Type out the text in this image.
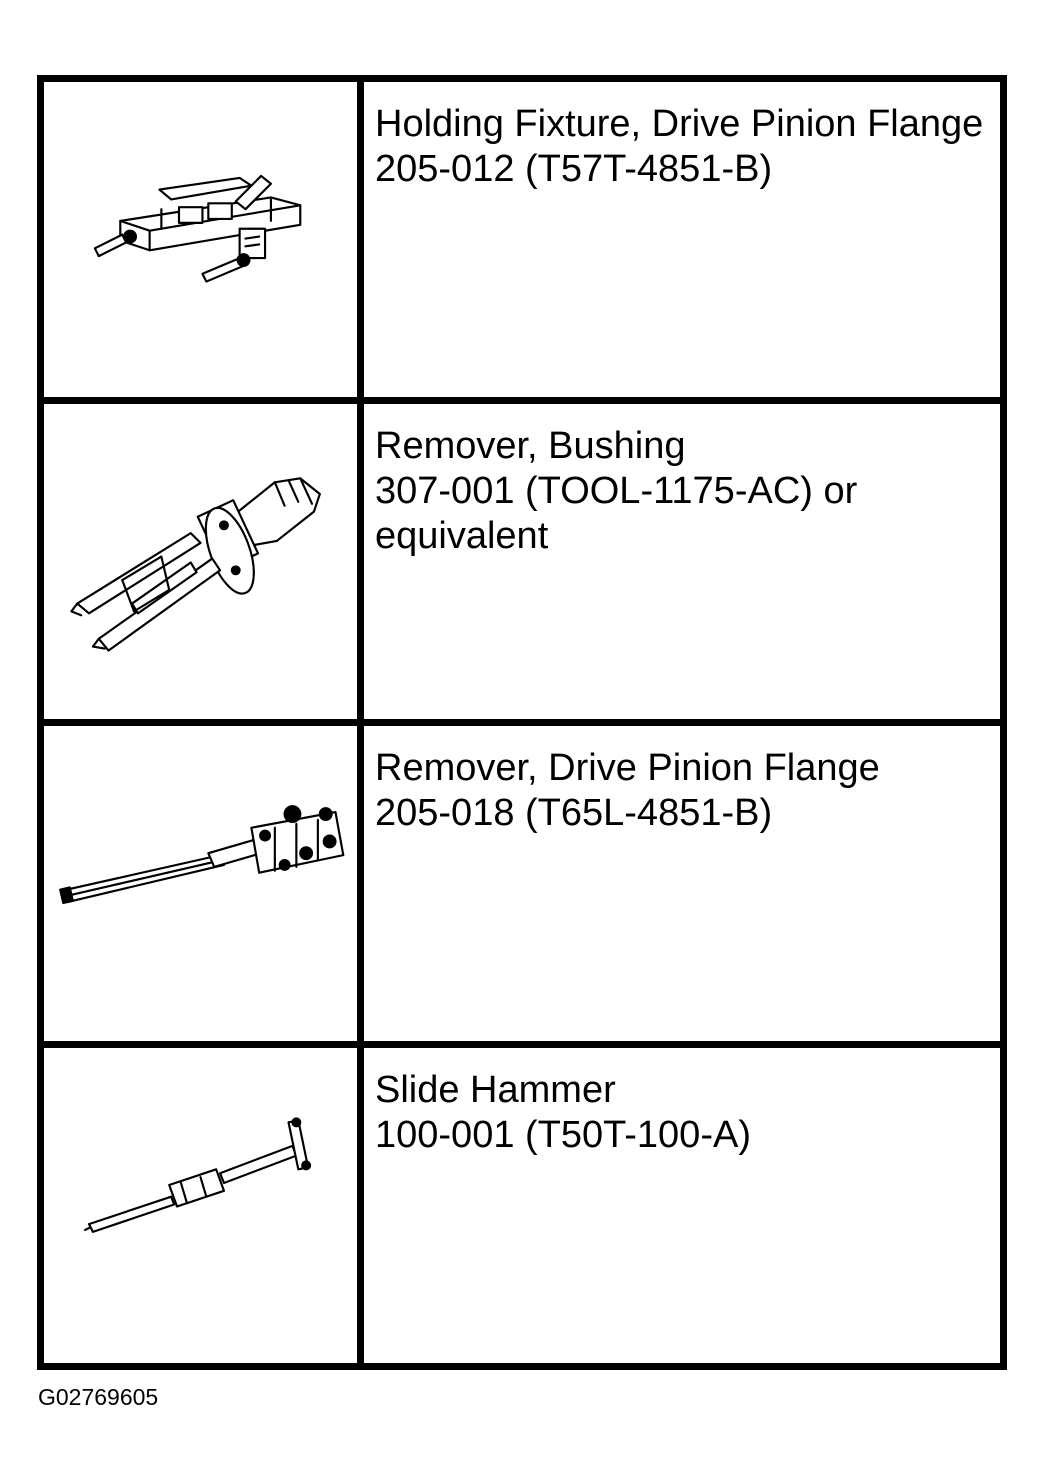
Holding Fixture, Drive Pinion Flange
205-012 (T57T-4851-B)

Remover, Bushing
307-001 (TOOL-1175-AC) or equivalent

Remover, Drive Pinion Flange
205-018 (T65L-4851-B)

Slide Hammer
100-001 (T50T-100-A)
G02769605
